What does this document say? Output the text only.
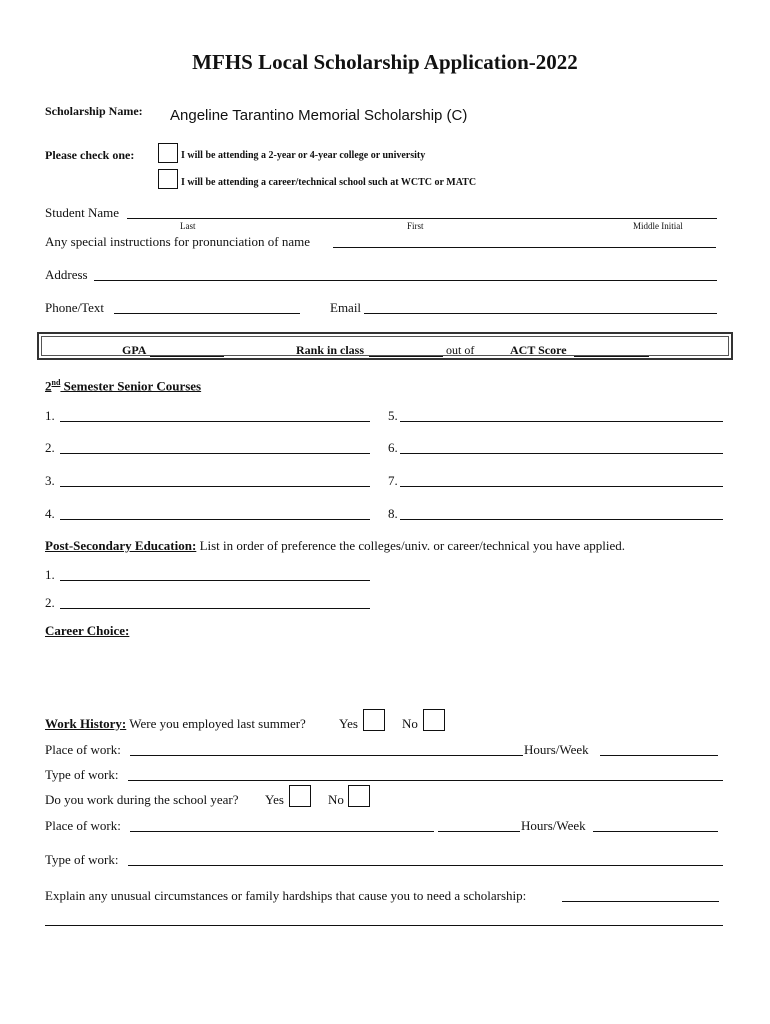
MFHS Local Scholarship Application-2022
Scholarship Name: Angeline Tarantino Memorial Scholarship (C)
Please check one:	I will be attending a 2-year or 4-year college or university
I will be attending a career/technical school such at WCTC or MATC
Student Name
Last	First	Middle Initial
Any special instructions for pronunciation of name
Address
Phone/Text	Email
GPA	Rank in class	out of	ACT Score
2nd Semester Senior Courses
1.
2.
3.
4.
5.
6.
7.
8.
Post-Secondary Education: List in order of preference the colleges/univ. or career/technical you have applied.
1.
2.
Career Choice:
Work History: Were you employed last summer?	Yes	No
Place of work:	Hours/Week
Type of work:
Do you work during the school year? Yes	No
Place of work:	Hours/Week
Type of work:
Explain any unusual circumstances or family hardships that cause you to need a scholarship:
